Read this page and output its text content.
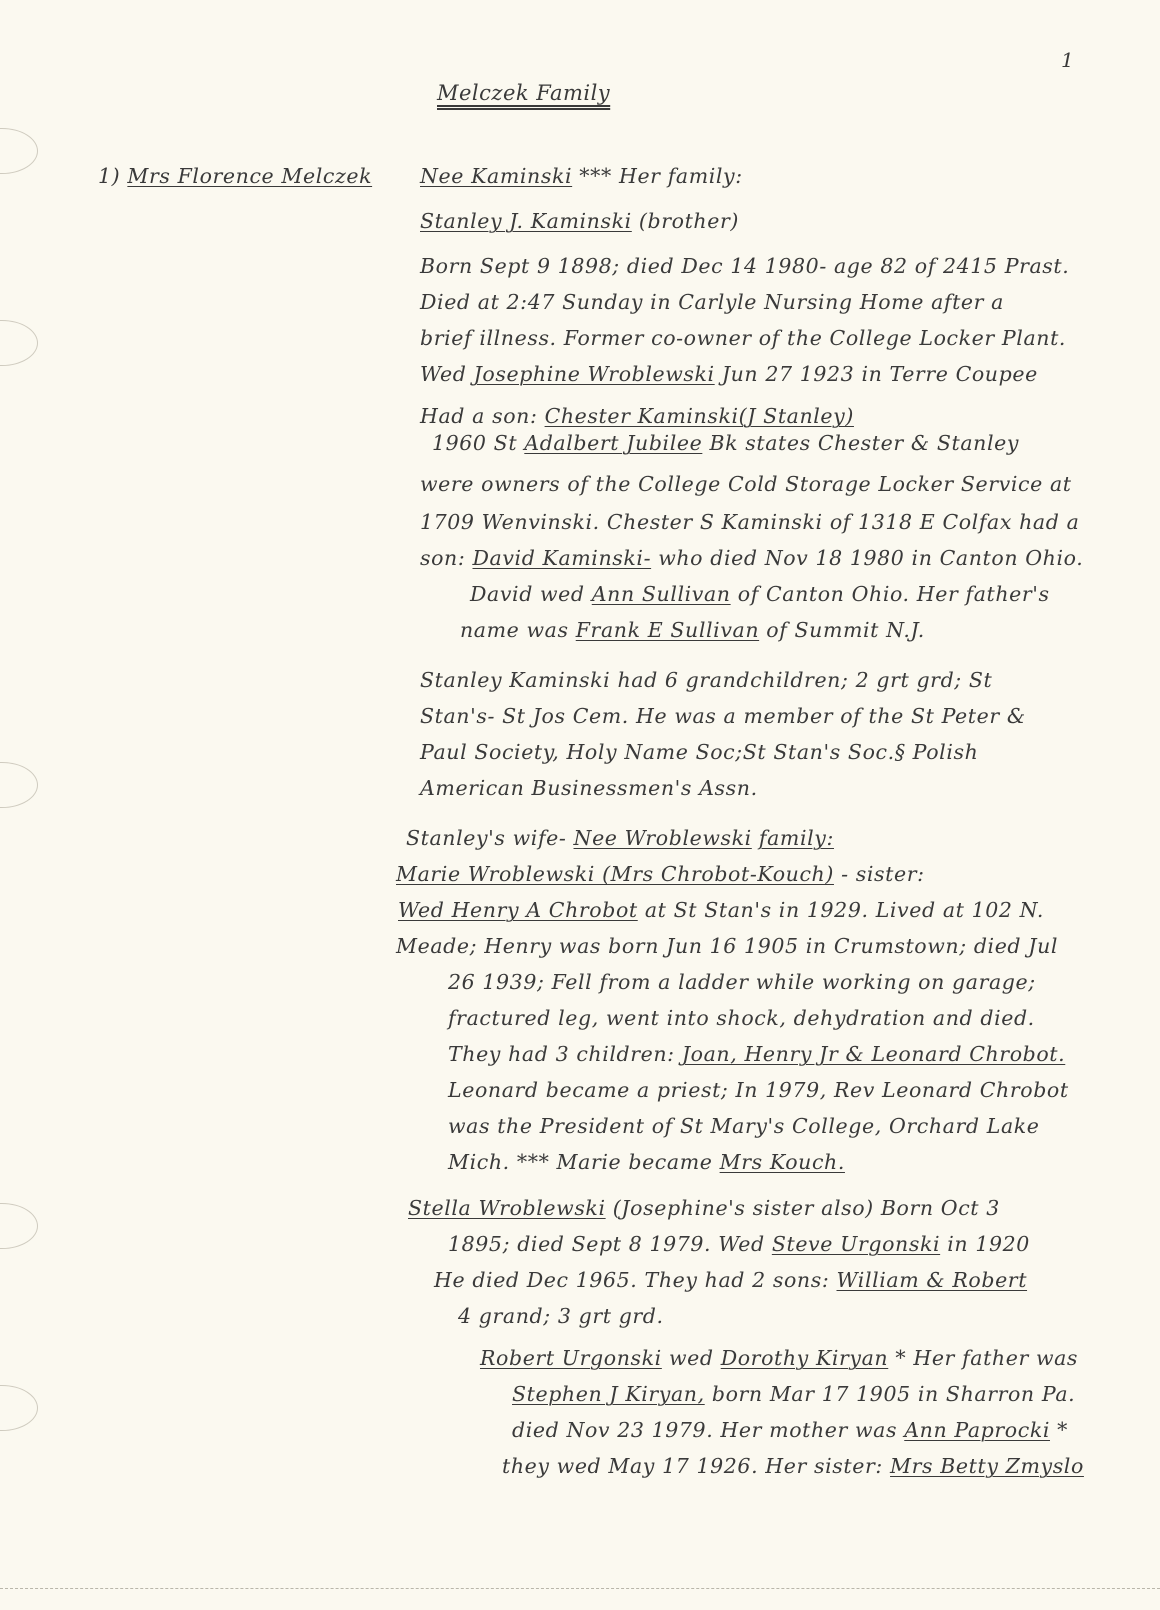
1
Melczek Family
1) Mrs Florence Melczek Nee Kaminski *** Her family:
Stanley J. Kaminski (brother)
Born Sept 9 1898; died Dec 14 1980- age 82 of 2415 Prast.
Died at 2:47 Sunday in Carlyle Nursing Home after a
brief illness. Former co-owner of the College Locker Plant.
Wed Josephine Wroblewski Jun 27 1923 in Terre Coupee
Had a son: Chester Kaminski(J Stanley)
1960 St Adalbert Jubilee Bk states Chester & Stanley
were owners of the College Cold Storage Locker Service at
1709 Wenvinski. Chester S Kaminski of 1318 E Colfax had a
son: David Kaminski- who died Nov 18 1980 in Canton Ohio.
David wed Ann Sullivan of Canton Ohio. Her father's
name was Frank E Sullivan of Summit N.J.
Stanley Kaminski had 6 grandchildren; 2 grt grd; St
Stan's- St Jos Cem. He was a member of the St Peter &
Paul Society, Holy Name Soc;St Stan's Soc.§ Polish
American Businessmen's Assn.
Stanley's wife- Nee Wroblewski family:
Marie Wroblewski (Mrs Chrobot-Kouch) - sister:
Wed Henry A Chrobot at St Stan's in 1929. Lived at 102 N.
Meade; Henry was born Jun 16 1905 in Crumstown; died Jul
26 1939; Fell from a ladder while working on garage;
fractured leg, went into shock, dehydration and died.
They had 3 children: Joan, Henry Jr & Leonard Chrobot.
Leonard became a priest; In 1979, Rev Leonard Chrobot
was the President of St Mary's College, Orchard Lake
Mich. *** Marie became Mrs Kouch.
Stella Wroblewski (Josephine's sister also) Born Oct 3
1895; died Sept 8 1979. Wed Steve Urgonski in 1920
He died Dec 1965. They had 2 sons: William & Robert
4 grand; 3 grt grd.
Robert Urgonski wed Dorothy Kiryan * Her father was
Stephen J Kiryan, born Mar 17 1905 in Sharron Pa.
died Nov 23 1979. Her mother was Ann Paprocki *
they wed May 17 1926. Her sister: Mrs Betty Zmyslo
